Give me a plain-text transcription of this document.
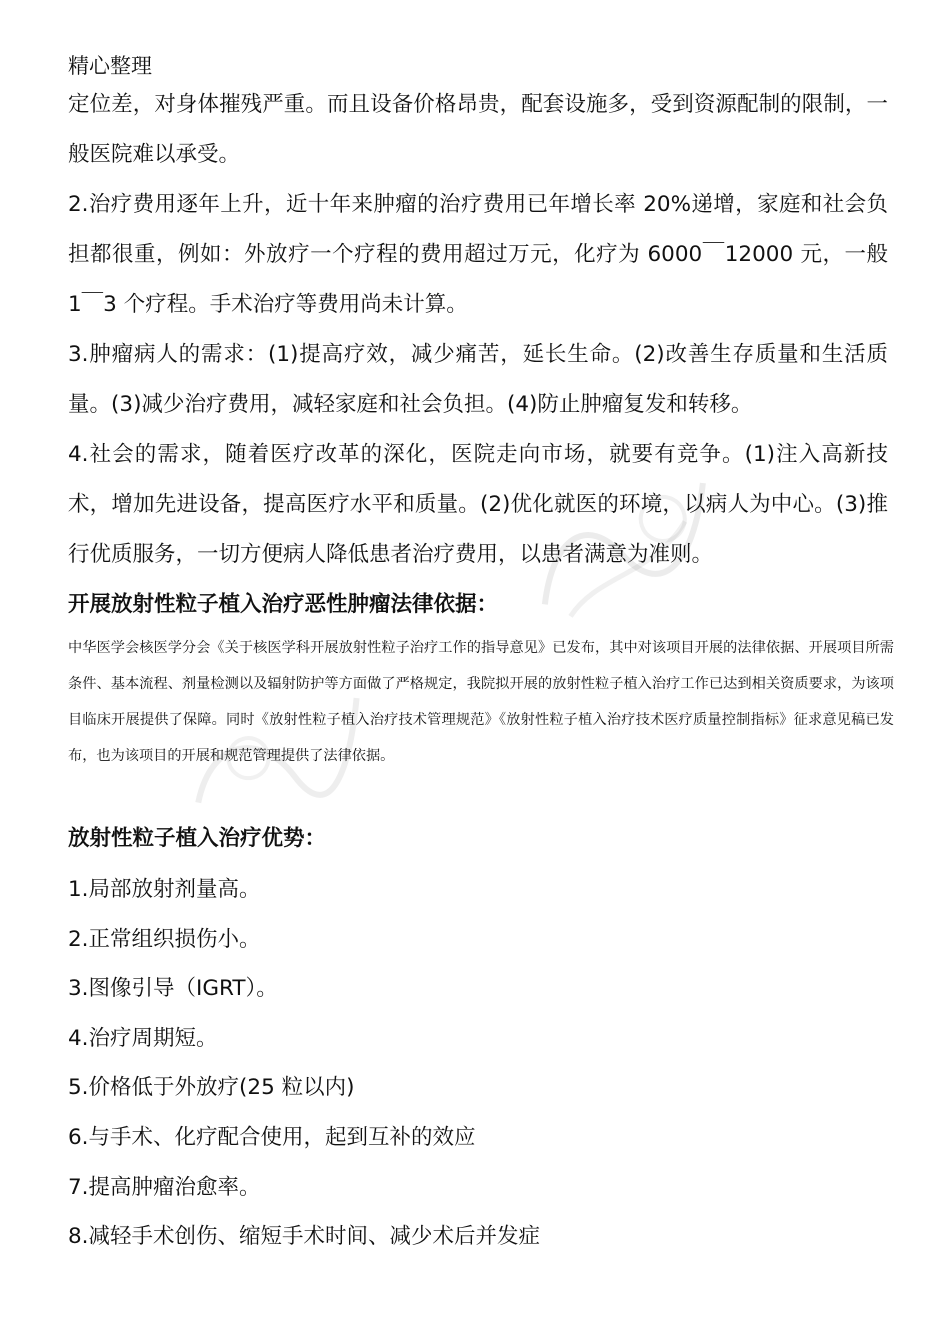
精心整理
定位差，对身体摧残严重。而且设备价格昂贵，配套设施多，受到资源配制的限制，一般医院难以承受。
2.治疗费用逐年上升，近十年来肿瘤的治疗费用已年增长率 20%递增，家庭和社会负担都很重，例如：外放疗一个疗程的费用超过万元，化疗为 6000￣12000 元，一般 1￣3 个疗程。手术治疗等费用尚未计算。
3.肿瘤病人的需求：(1)提高疗效，减少痛苦，延长生命。(2)改善生存质量和生活质量。(3)减少治疗费用，减轻家庭和社会负担。(4)防止肿瘤复发和转移。
4.社会的需求，随着医疗改革的深化，医院走向市场，就要有竞争。(1)注入高新技术，增加先进设备，提高医疗水平和质量。(2)优化就医的环境，以病人为中心。(3)推行优质服务，一切方便病人降低患者治疗费用，以患者满意为准则。
开展放射性粒子植入治疗恶性肿瘤法律依据：
中华医学会核医学分会《关于核医学科开展放射性粒子治疗工作的指导意见》已发布，其中对该项目开展的法律依据、开展项目所需条件、基本流程、剂量检测以及辐射防护等方面做了严格规定，我院拟开展的放射性粒子植入治疗工作已达到相关资质要求，为该项目临床开展提供了保障。同时《放射性粒子植入治疗技术管理规范》《放射性粒子植入治疗技术医疗质量控制指标》征求意见稿已发布，也为该项目的开展和规范管理提供了法律依据。
放射性粒子植入治疗优势：
1.局部放射剂量高。
2.正常组织损伤小。
3.图像引导（IGRT）。
4.治疗周期短。
5.价格低于外放疗(25 粒以内)
6.与手术、化疗配合使用，起到互补的效应
7.提高肿瘤治愈率。
8.减轻手术创伤、缩短手术时间、减少术后并发症
